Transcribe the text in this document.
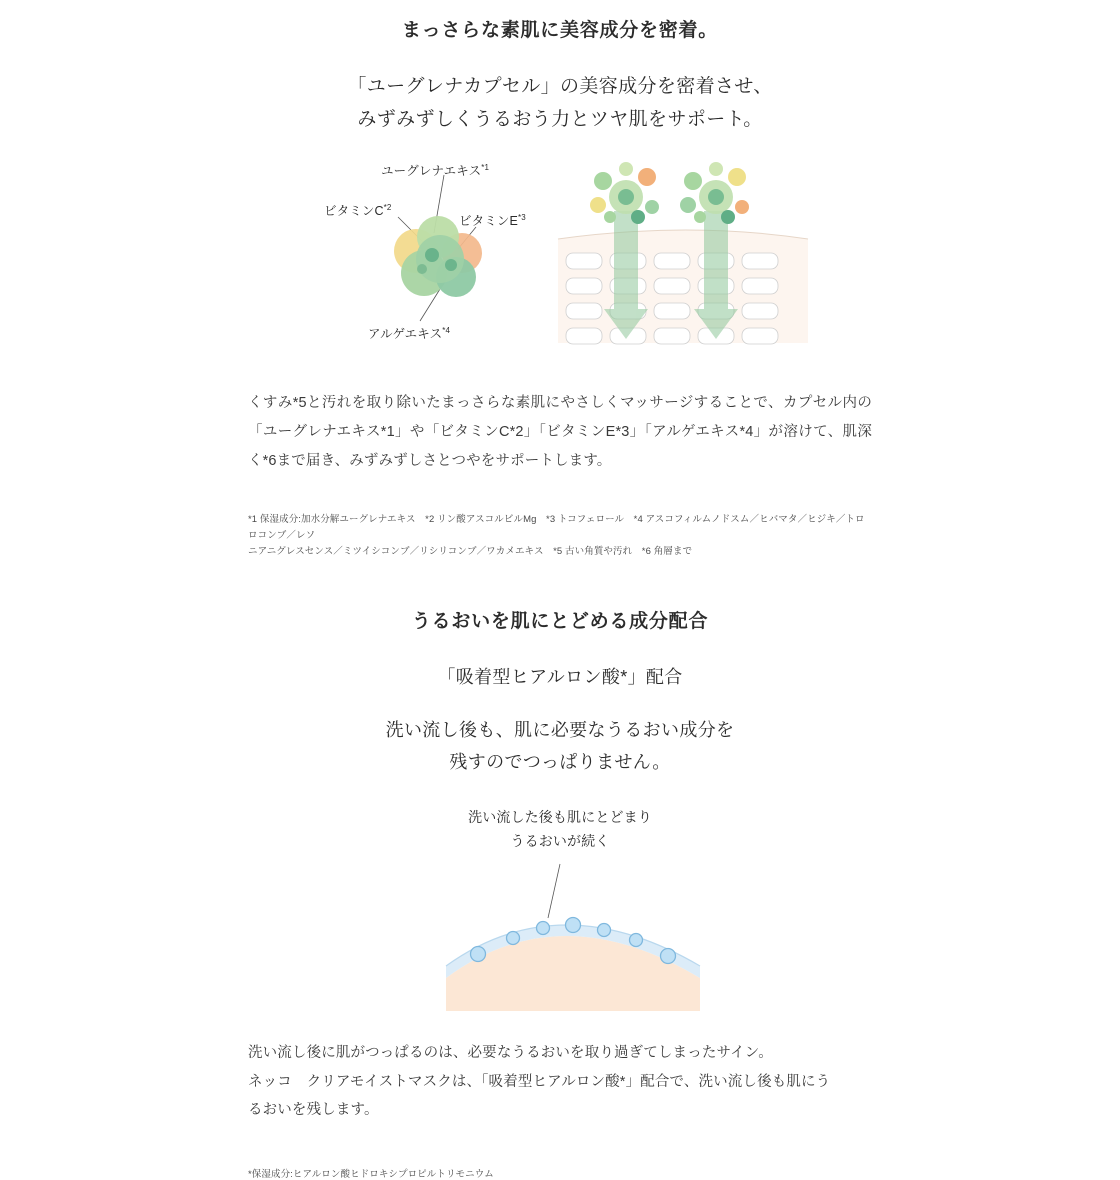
まっさらな素肌に美容成分を密着。
「ユーグレナカプセル」の美容成分を密着させ、
みずみずしくうるおう力とツヤ肌をサポート。
ユーグレナエキス$^{*1}$
ビタミン$C^{*2}$
ビタミン$E^{*3}$
アルゲエキス$^{*4}$
くすみ*5と汚れを取り除いたまっさらな素肌にやさしくマッサージすることで、カプセル内の「ユーグレナエキス*1」や「ビタミンC*2」「ビタミンE*3」「アルゲエキス*4」が溶けて、肌深く*6まで届き、みずみずしさとつやをサポートします。
*1 保湿成分:加水分解ユーグレナエキス　*2 リン酸アスコルビルMg　*3 トコフェロール　*4 アスコフィルムノドスム／ヒバマタ／ヒジキ／トロロコンブ／レソ
ニアニグレスセンス／ミツイシコンブ／リシリコンブ／ワカメエキス　*5 古い角質や汚れ　*6 角層まで
うるおいを肌にとどめる成分配合
「吸着型ヒアルロン酸*」配合
洗い流し後も、肌に必要なうるおい成分を
残すのでつっぱりません。
洗い流した後も肌にとどまり
うるおいが続く
洗い流し後に肌がつっぱるのは、必要なうるおいを取り過ぎてしまったサイン。
ネッコ　クリアモイストマスクは、「吸着型ヒアルロン酸*」配合で、洗い流し後も肌にう
るおいを残します。
*保湿成分:ヒアルロン酸ヒドロキシプロピルトリモニウム
